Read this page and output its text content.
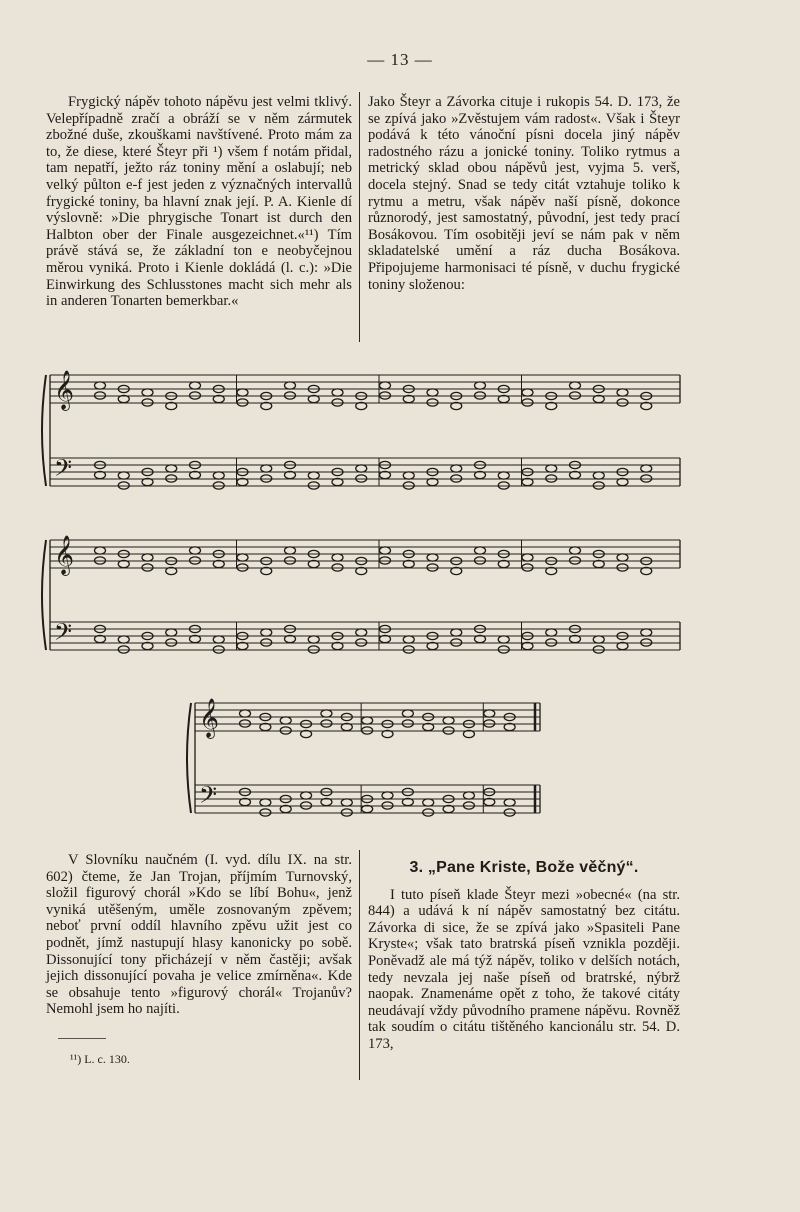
— 13 —

Frygický nápěv tohoto nápěvu jest velmi tklivý. Velepřípadně zračí a obráží se v něm zármutek zbožné duše, zkouškami navštívené. Proto mám za to, že diese, které Šteyr při ¹) všem f notám přidal, tam nepatří, ježto ráz toniny mění a oslabují; neb velký půlton e-f jest jeden z význačných intervallů frygické toniny, ba hlavní znak její. P. A. Kienle dí výslovně: »Die phrygische Tonart ist durch den Halbton ober der Finale ausgezeichnet.«¹¹) Tím právě stává se, že základní ton e neobyčejnou měrou vyniká. Proto i Kienle dokládá (l. c.): »Die Einwirkung des Schlusstones macht sich mehr als in anderen Tonarten bemerkbar.«

Jako Šteyr a Závorka cituje i rukopis 54. D. 173, že se zpívá jako »Zvěstujem vám radost«. Však i Šteyr podává k této vánoční písni docela jiný nápěv radostného rázu a jonické toniny. Toliko rytmus a metrický sklad obou nápěvů jest, vyjma 5. verš, docela stejný. Snad se tedy citát vztahuje toliko k rytmu a metru, však nápěv naší písně, dokonce různorodý, jest samostatný, původní, jest tedy prací Bosákovou. Tím osobitěji jeví se nám pak v něm skladatelské umění a ráz ducha Bosákova. Připojujeme harmonisaci té písně, v duchu frygické toniny složenou:

𝄞
𝄢
𝄞
𝄢
𝄞
𝄢

V Slovníku naučném (I. vyd. dílu IX. na str. 602) čteme, že Jan Trojan, příjmím Turnovský, složil figurový chorál »Kdo se líbí Bohu«, jenž vyniká utěšeným, uměle zosnovaným zpěvem; neboť první oddíl hlavního zpěvu užit jest co podnět, jímž nastupují hlasy kanonicky po sobě. Dissonující tony přicházejí v něm častěji; avšak jejich dissonující povaha je velice zmírněna«. Kde se obsahuje tento »figurový chorál« Trojanův? Nemohl jsem ho najíti.

¹¹) L. c. 130.
3. „Pane Kriste, Bože věčný“.

I tuto píseň klade Šteyr mezi »obecné« (na str. 844) a udává k ní nápěv samostatný bez citátu. Závorka di sice, že se zpívá jako »Spasiteli Pane Kryste«; však tato bratrská píseň vznikla později. Poněvadž ale má týž nápěv, toliko v delších notách, tedy nevzala jej naše píseň od bratrské, nýbrž naopak. Znamenáme opět z toho, že takové citáty neudávají vždy původního pramene nápěvu. Rovněž tak soudím o citátu tištěného kancionálu str. 54. D. 173,
